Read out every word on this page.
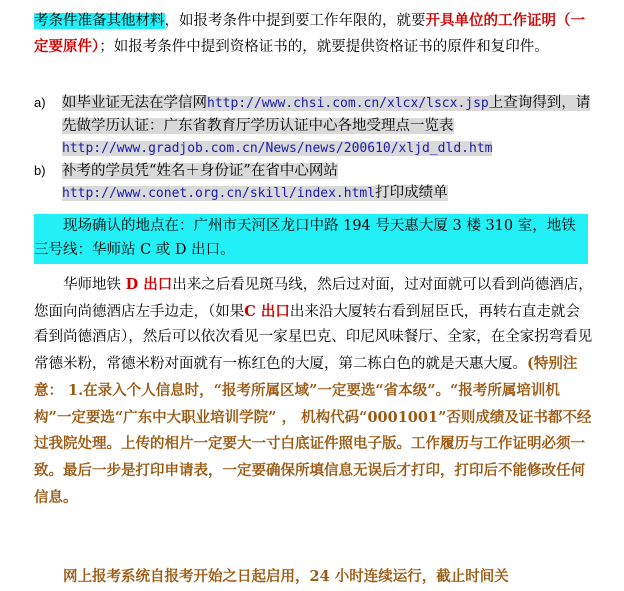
考条件准备其他材料，如报考条件中提到要工作年限的，就要开具单位的工作证明（一定要原件）；如报考条件中提到资格证书的，就要提供资格证书的原件和复印件。
a) 如毕业证无法在学信网http://www.chsi.com.cn/xlcx/lscx.jsp上查询得到，请先做学历认证：广东省教育厅学历认证中心各地受理点一览表
http://www.gradjob.com.cn/News/news/200610/xljd_dld.htm
b) 补考的学员凭“姓名＋身份证”在省中心网站
http://www.conet.org.cn/skill/index.html打印成绩单
现场确认的地点在：广州市天河区龙口中路 194 号天惠大厦 3 楼 310 室，地铁三号线：华师站 C 或 D 出口。
华师地铁 D 出口出来之后看见斑马线，然后过对面，过对面就可以看到尚德酒店，您面向尚德酒店左手边走，（如果C 出口出来沿大厦转右看到屈臣氏，再转右直走就会看到尚德酒店），然后可以依次看见一家星巴克、印尼风味餐厅、全家，在全家拐弯看见常德米粉，常德米粉对面就有一栋红色的大厦，第二栋白色的就是天惠大厦。(特别注意： 1.在录入个人信息时，“报考所属区域”一定要选“省本级”。“报考所属培训机构”一定要选“广东中大职业培训学院” ， 机构代码“0001001”否则成绩及证书都不经过我院处理。上传的相片一定要大一寸白底证件照电子版。工作履历与工作证明必须一致。最后一步是打印申请表，一定要确保所填信息无误后才打印，打印后不能修改任何信息。
网上报考系统自报考开始之日起启用，24 小时连续运行，截止时间关
